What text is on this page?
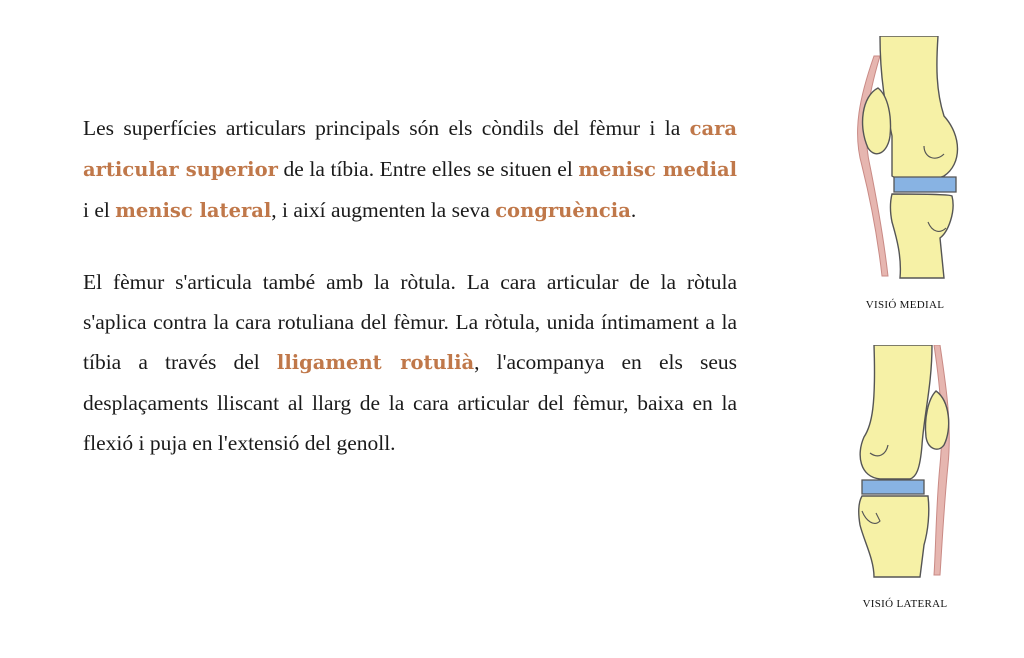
Les superfícies articulars principals són els còndils del fèmur i la cara articular superior de la tíbia. Entre elles se situen el menisc medial i el menisc lateral, i així augmenten la seva congruència.

El fèmur s'articula també amb la ròtula. La cara articular de la ròtula s'aplica contra la cara rotuliana del fèmur. La ròtula, unida íntimament a la tíbia a través del lligament rotulià, l'acompanya en els seus desplaçaments lliscant al llarg de la cara articular del fèmur, baixa en la flexió i puja en l'extensió del genoll.

VISIÓ MEDIAL
VISIÓ LATERAL
